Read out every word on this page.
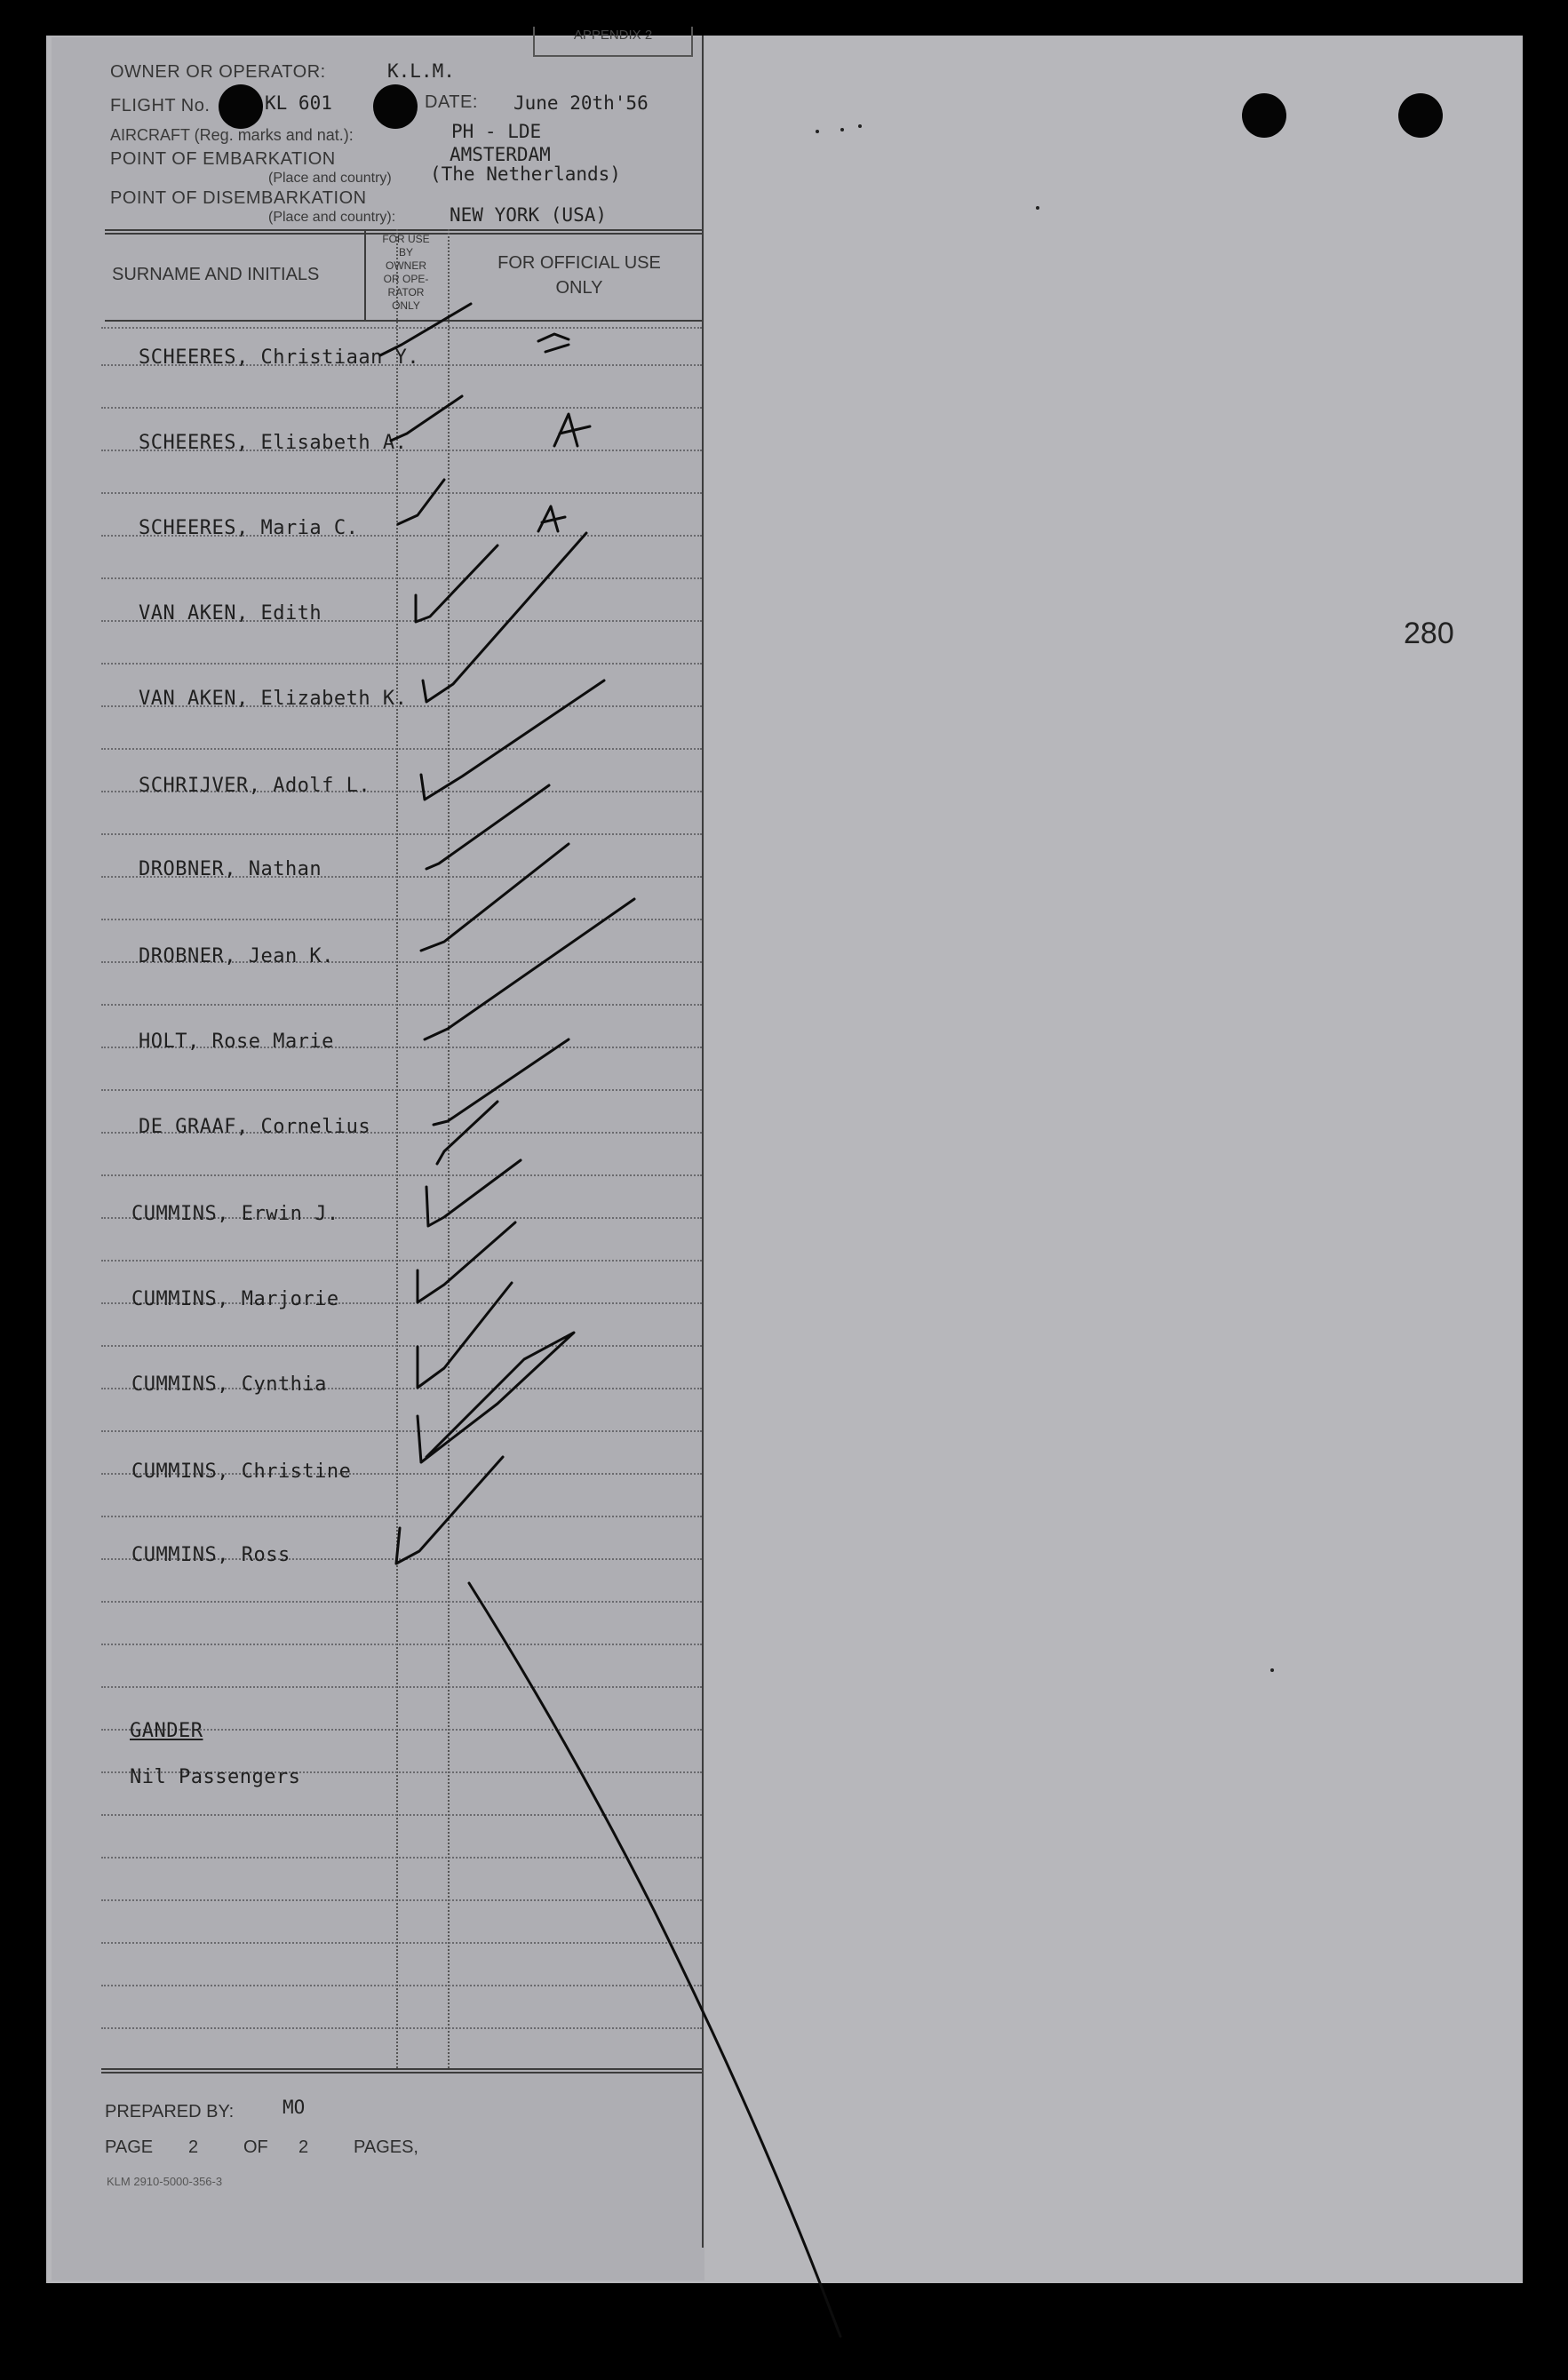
APPENDIX 2
OWNER OR OPERATOR:	K.L.M.
FLIGHT No.	KL 601	DATE: June 20th'56
AIRCRAFT (Reg. marks and nat.):	PH - LDE
POINT OF EMBARKATION	AMSTERDAM
(Place and country) (The Netherlands)
POINT OF DISEMBARKATION
(Place and country):	NEW YORK (USA)
SURNAME AND INITIALS
FOR USE
BY
OWNER
OR OPE-
RATOR
ONLY
FOR OFFICIAL USE
ONLY
SCHEERES, Christiaan Y.
SCHEERES, Elisabeth A.
SCHEERES, Maria C.
VAN AKEN, Edith
VAN AKEN, Elizabeth K.
SCHRIJVER, Adolf L.
DROBNER, Nathan
DROBNER, Jean K.
HOLT, Rose Marie
DE GRAAF, Cornelius
CUMMINS, Erwin J.
CUMMINS, Marjorie
CUMMINS, Cynthia
CUMMINS, Christine
CUMMINS, Ross
GANDER
Nil Passengers
PREPARED BY:	MO
PAGE 2	OF 2	PAGES,
KLM 2910-5000-356-3
280
